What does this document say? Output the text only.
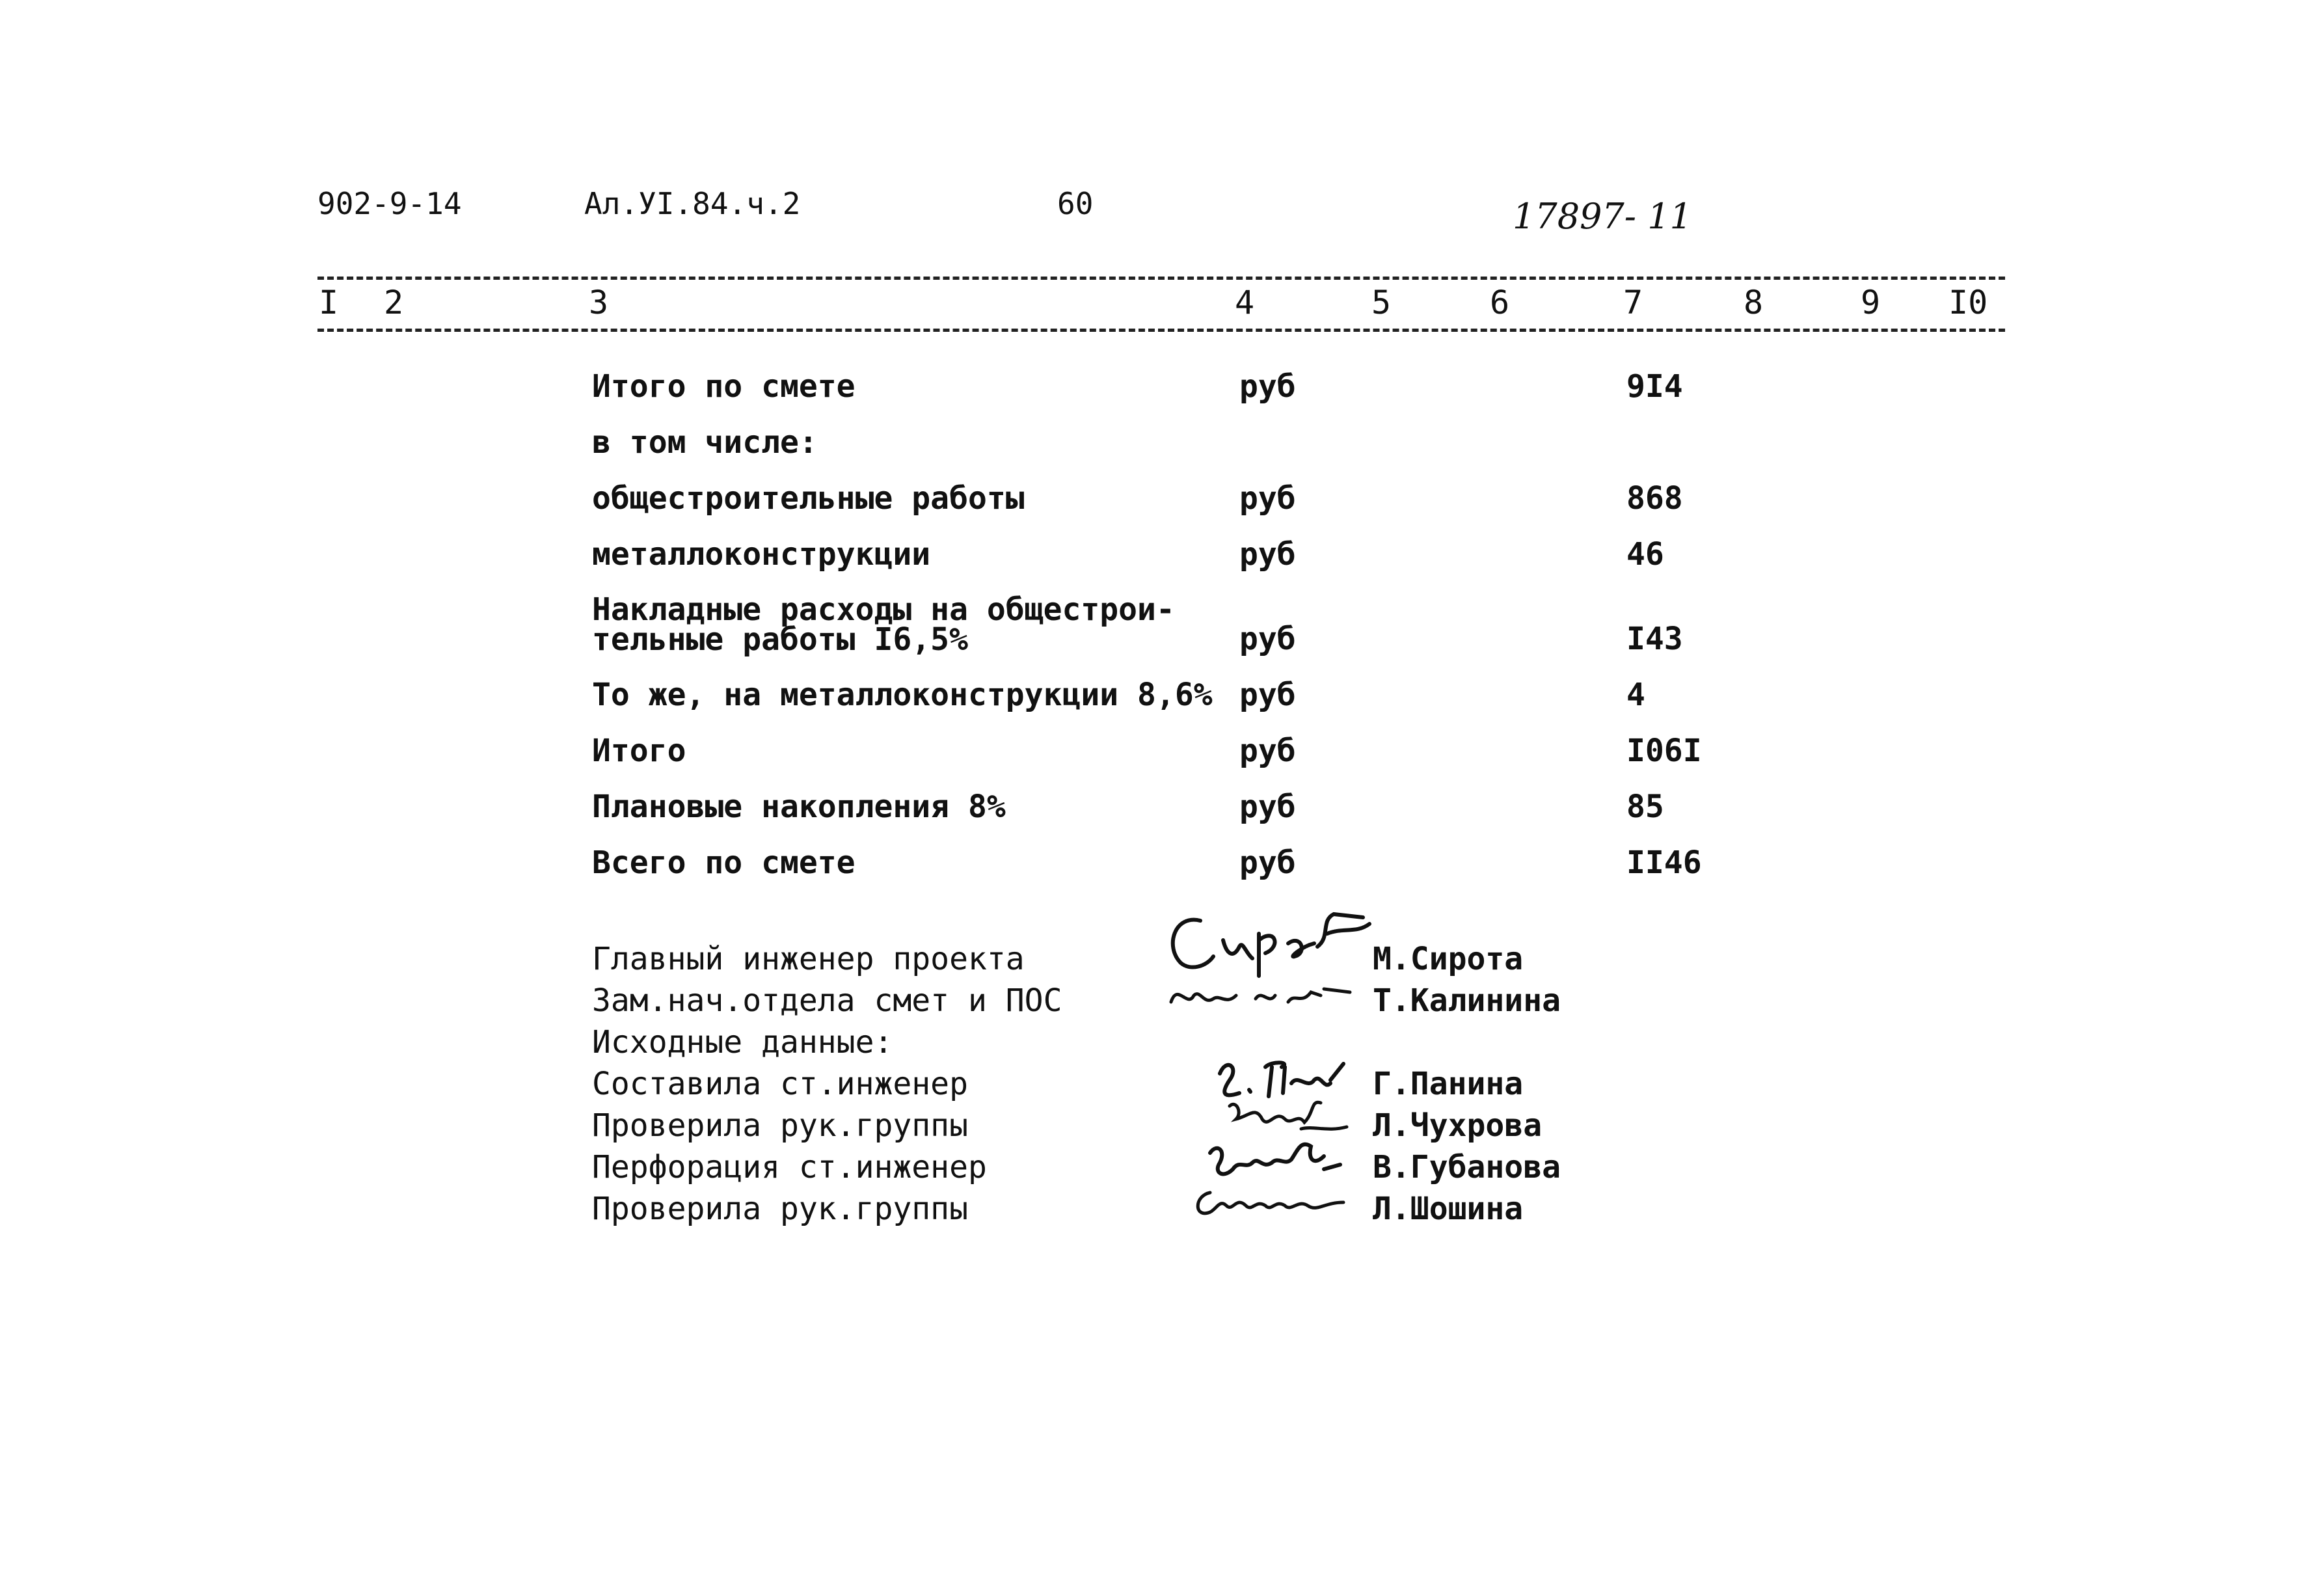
902-9-14	Ал.УI.84.ч.2	60	17897- 11
I 2	3	4	5	6	7	8	9 I0
Итого по смете	руб	9I4
в том числе:
общестроительные работы	руб	868
металлоконструкции	руб	46
Накладные расходы на общестрои-
тельные работы I6,5%	руб	I43
То же, на металлоконструкции 8,6% руб	4
Итого	руб	I06I
Плановые накопления 8%	руб	85
Всего по смете	руб	II46
Главный инженер проекта	М.Сирота
Зам.нач.отдела смет и ПОС	Т.Калинина
Исходные данные:
Составила ст.инженер	Г.Панина
Проверила рук.группы	Л.Чухрова
Перфорация ст.инженер	В.Губанова
Проверила рук.группы	Л.Шошина
